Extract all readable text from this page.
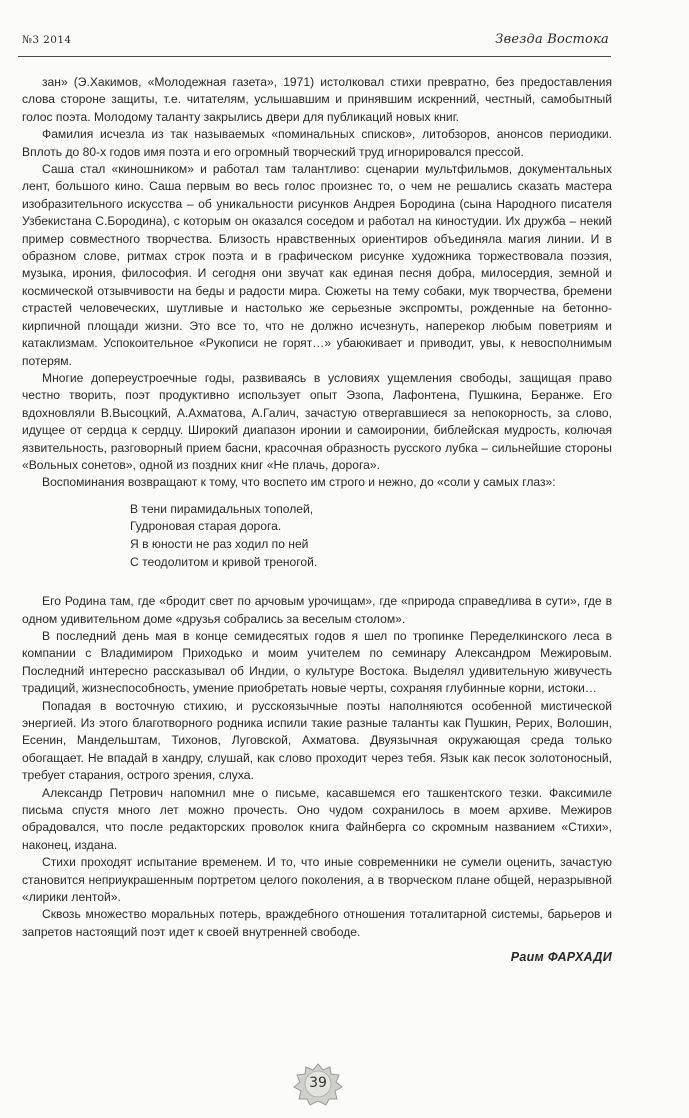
№3 2014	Звезда Востока

зан» (Э.Хакимов, «Молодежная газета», 1971) истолковал стихи превратно, без предоставления слова стороне защиты, т.е. читателям, услышавшим и принявшим искренний, честный, самобытный голос поэта. Молодому таланту закрылись двери для публикаций новых книг.

Фамилия исчезла из так называемых «поминальных списков», литобзоров, анонсов периодики. Вплоть до 80-х годов имя поэта и его огромный творческий труд игнорировался прессой.

Саша стал «киношником» и работал там талантливо: сценарии мультфильмов, документальных лент, большого кино. Саша первым во весь голос произнес то, о чем не решались сказать мастера изобразительного искусства – об уникальности рисунков Андрея Бородина (сына Народного писателя Узбекистана С.Бородина), с которым он оказался соседом и работал на киностудии. Их дружба – некий пример совместного творчества. Близость нравственных ориентиров объединяла магия линии. И в образном слове, ритмах строк поэта и в графическом рисунке художника торжествовала поэзия, музыка, ирония, философия. И сегодня они звучат как единая песня добра, милосердия, земной и космической отзывчивости на беды и радости мира. Сюжеты на тему собаки, мук творчества, бремени страстей человеческих, шутливые и настолько же серьезные экспромты, рожденные на бетонно-кирпичной площади жизни. Это все то, что не должно исчезнуть, наперекор любым поветриям и катаклизмам. Успокоительное «Рукописи не горят…» убаюкивает и приводит, увы, к невосполнимым потерям.

Многие допереустроечные годы, развиваясь в условиях ущемления свободы, защищая право честно творить, поэт продуктивно использует опыт Эзопа, Лафонтена, Пушкина, Беранже. Его вдохновляли В.Высоцкий, А.Ахматова, А.Галич, зачастую отвергавшиеся за непокорность, за слово, идущее от сердца к сердцу. Широкий диапазон иронии и самоиронии, библейская мудрость, колючая язвительность, разговорный прием басни, красочная образность русского лубка – сильнейшие стороны «Вольных сонетов», одной из поздних книг «Не плачь, дорога».

Воспоминания возвращают к тому, что воспето им строго и нежно, до «соли у самых глаз»:

В тени пирамидальных тополей,
Гудроновая старая дорога.
Я в юности не раз ходил по ней
С теодолитом и кривой треногой.

Его Родина там, где «бродит свет по арчовым урочищам», где «природа справедлива в сути», где в одном удивительном доме «друзья собрались за веселым столом».

В последний день мая в конце семидесятых годов я шел по тропинке Переделкинского леса в компании с Владимиром Приходько и моим учителем по семинару Александром Межировым. Последний интересно рассказывал об Индии, о культуре Востока. Выделял удивительную живучесть традиций, жизнеспособность, умение приобретать новые черты, сохраняя глубинные корни, истоки…

Попадая в восточную стихию, и русскоязычные поэты наполняются особенной мистической энергией. Из этого благотворного родника испили такие разные таланты как Пушкин, Рерих, Волошин, Есенин, Мандельштам, Тихонов, Луговской, Ахматова. Двуязычная окружающая среда только обогащает. Не впадай в хандру, слушай, как слово проходит через тебя. Язык как песок золотоносный, требует старания, острого зрения, слуха.

Александр Петрович напомнил мне о письме, касавшемся его ташкентского тезки. Факсимиле письма спустя много лет можно прочесть. Оно чудом сохранилось в моем архиве. Межиров обрадовался, что после редакторских проволок книга Файнберга со скромным названием «Стихи», наконец, издана.

Стихи проходят испытание временем. И то, что иные современники не сумели оценить, зачастую становится неприукрашенным портретом целого поколения, а в творческом плане общей, неразрывной «лирики лентой».

Сквозь множество моральных потерь, враждебного отношения тоталитарной системы, барьеров и запретов настоящий поэт идет к своей внутренней свободе.

Раим ФАРХАДИ
39
